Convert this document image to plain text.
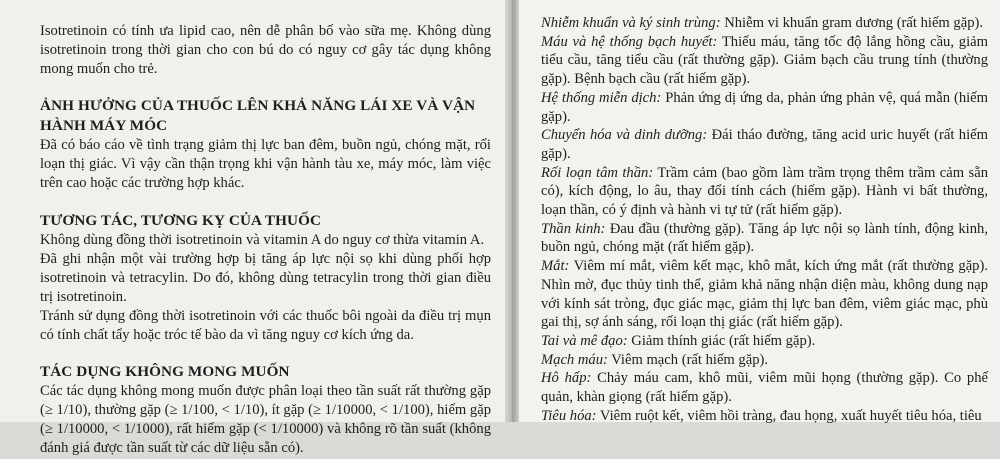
Isotretinoin có tính ưa lipid cao, nên dễ phân bố vào sữa mẹ. Không dùng isotretinoin trong thời gian cho con bú do có nguy cơ gây tác dụng không mong muốn cho trẻ.

ẢNH HƯỞNG CỦA THUỐC LÊN KHẢ NĂNG LÁI XE VÀ VẬN HÀNH MÁY MÓC

Đã có báo cáo về tình trạng giảm thị lực ban đêm, buồn ngủ, chóng mặt, rối loạn thị giác. Vì vậy cần thận trọng khi vận hành tàu xe, máy móc, làm việc trên cao hoặc các trường hợp khác.

TƯƠNG TÁC, TƯƠNG KỴ CỦA THUỐC

Không dùng đồng thời isotretinoin và vitamin A do nguy cơ thừa vitamin A.

Đã ghi nhận một vài trường hợp bị tăng áp lực nội sọ khi dùng phối hợp isotretinoin và tetracylin. Do đó, không dùng tetracylin trong thời gian điều trị isotretinoin.

Tránh sử dụng đồng thời isotretinoin với các thuốc bôi ngoài da điều trị mụn có tính chất tẩy hoặc tróc tế bào da vì tăng nguy cơ kích ứng da.

TÁC DỤNG KHÔNG MONG MUỐN

Các tác dụng không mong muốn được phân loại theo tần suất rất thường gặp (≥ 1/10), thường gặp (≥ 1/100, < 1/10), ít gặp (≥ 1/10000, < 1/100), hiếm gặp (≥ 1/10000, < 1/1000), rất hiếm gặp (< 1/10000) và không rõ tần suất (không đánh giá được tần suất từ các dữ liệu sẵn có).

Nhiễm khuẩn và ký sinh trùng: Nhiễm vi khuẩn gram dương (rất hiếm gặp).

Máu và hệ thống bạch huyết: Thiếu máu, tăng tốc độ lắng hồng cầu, giảm tiểu cầu, tăng tiểu cầu (rất thường gặp). Giảm bạch cầu trung tính (thường gặp). Bệnh bạch cầu (rất hiếm gặp).

Hệ thống miễn dịch: Phản ứng dị ứng da, phản ứng phản vệ, quá mẫn (hiếm gặp).

Chuyển hóa và dinh dưỡng: Đái tháo đường, tăng acid uric huyết (rất hiếm gặp).

Rối loạn tâm thần: Trầm cảm (bao gồm làm trầm trọng thêm trầm cảm sẵn có), kích động, lo âu, thay đổi tính cách (hiếm gặp). Hành vi bất thường, loạn thần, có ý định và hành vi tự tử (rất hiếm gặp).

Thần kinh: Đau đầu (thường gặp). Tăng áp lực nội sọ lành tính, động kinh, buồn ngủ, chóng mặt (rất hiếm gặp).

Mắt: Viêm mí mắt, viêm kết mạc, khô mắt, kích ứng mắt (rất thường gặp). Nhìn mờ, đục thủy tinh thể, giảm khả năng nhận diện màu, không dung nạp với kính sát tròng, đục giác mạc, giảm thị lực ban đêm, viêm giác mạc, phù gai thị, sợ ánh sáng, rối loạn thị giác (rất hiếm gặp).

Tai và mê đạo: Giảm thính giác (rất hiếm gặp).

Mạch máu: Viêm mạch (rất hiếm gặp).

Hô hấp: Chảy máu cam, khô mũi, viêm mũi họng (thường gặp). Co phế quản, khàn giọng (rất hiếm gặp).

Tiêu hóa: Viêm ruột kết, viêm hồi tràng, đau họng, xuất huyết tiêu hóa, tiêu
